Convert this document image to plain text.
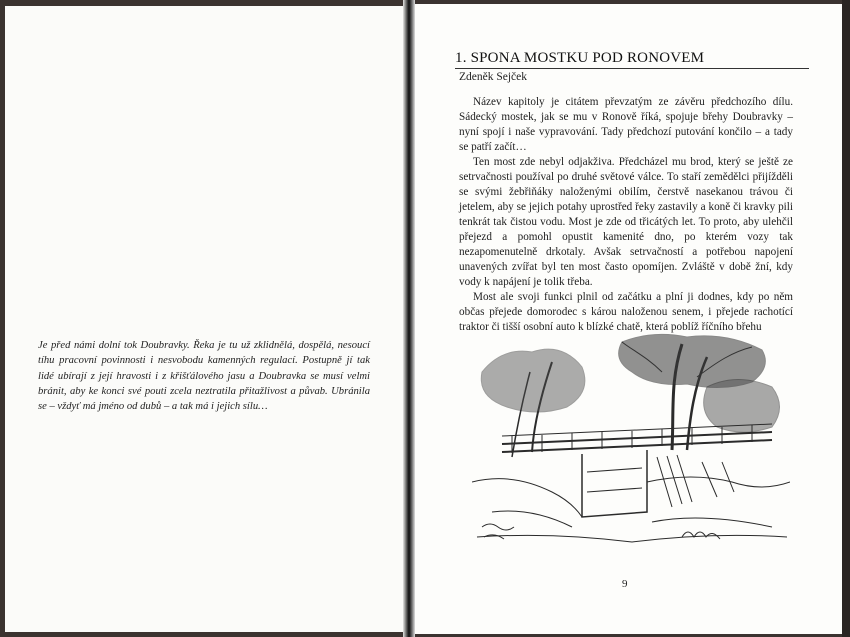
Je před námi dolní tok Doubravky. Řeka je tu už zklidnělá, dospělá, nesoucí tíhu pracovní povinnosti i nesvobodu kamenných regulací. Postupně jí tak lidé ubírají z její hravosti i z křišťálového jasu a Doubravka se musí velmi bránit, aby ke konci své pouti zcela neztratila přitažlivost a půvab. Ubránila se – vždyť má jméno od dubů – a tak má i jejich sílu…

1. SPONA MOSTKU POD RONOVEM
Zdeněk Sejček

Název kapitoly je citátem převzatým ze závěru předchozího dílu. Sádecký mostek, jak se mu v Ronově říká, spojuje břehy Doubravky – nyní spojí i naše vypravování. Tady předchozí putování končilo – a tady se patří začít…

Ten most zde nebyl odjakživa. Předcházel mu brod, který se ještě ze setrvačnosti používal po druhé světové válce. To staří zemědělci přijížděli se svými žebřiňáky naloženými obilím, čerstvě nasekanou trávou či jetelem, aby se jejich potahy uprostřed řeky zastavily a koně či kravky pili tenkrát tak čistou vodu. Most je zde od třicátých let. To proto, aby ulehčil přejezd a pomohl opustit kamenité dno, po kterém vozy tak nezapomenutelně drkotaly. Avšak setrvačností a potřebou napojení unavených zvířat byl ten most často opomíjen. Zvláště v době žní, kdy vody k napájení je tolik třeba.

Most ale svoji funkci plnil od začátku a plní ji dodnes, kdy po něm občas přejede domorodec s károu naloženou senem, i přejede rachotící traktor či tišší osobní auto k blízké chatě, která poblíž říčního břehu

9
